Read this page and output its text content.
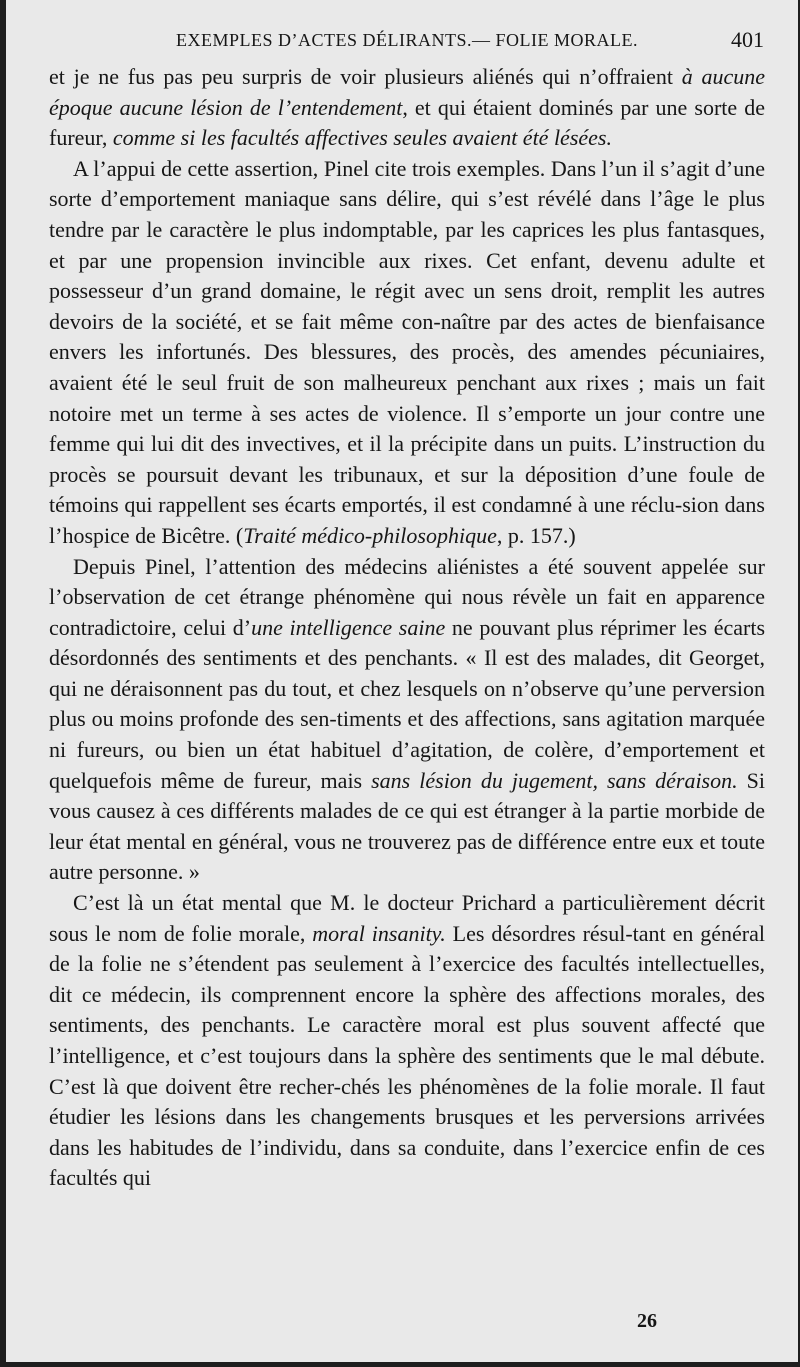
EXEMPLES D’ACTES DÉLIRANTS.— FOLIE MORALE.	401

et je ne fus pas peu surpris de voir plusieurs aliénés qui n’offraient à aucune époque aucune lésion de l’entendement, et qui étaient dominés par une sorte de fureur, comme si les facultés affectives seules avaient été lésées.

A l’appui de cette assertion, Pinel cite trois exemples. Dans l’un il s’agit d’une sorte d’emportement maniaque sans délire, qui s’est révélé dans l’âge le plus tendre par le caractère le plus indomptable, par les caprices les plus fantasques, et par une propension invincible aux rixes. Cet enfant, devenu adulte et possesseur d’un grand domaine, le régit avec un sens droit, remplit les autres devoirs de la société, et se fait même con-naître par des actes de bienfaisance envers les infortunés. Des blessures, des procès, des amendes pécuniaires, avaient été le seul fruit de son malheureux penchant aux rixes ; mais un fait notoire met un terme à ses actes de violence. Il s’emporte un jour contre une femme qui lui dit des invectives, et il la précipite dans un puits. L’instruction du procès se poursuit devant les tribunaux, et sur la déposition d’une foule de témoins qui rappellent ses écarts emportés, il est condamné à une réclu-sion dans l’hospice de Bicêtre. (Traité médico-philosophique, p. 157.)

Depuis Pinel, l’attention des médecins aliénistes a été souvent appelée sur l’observation de cet étrange phénomène qui nous révèle un fait en apparence contradictoire, celui d’une intelligence saine ne pouvant plus réprimer les écarts désordonnés des sentiments et des penchants. « Il est des malades, dit Georget, qui ne déraisonnent pas du tout, et chez lesquels on n’observe qu’une perversion plus ou moins profonde des sen-timents et des affections, sans agitation marquée ni fureurs, ou bien un état habituel d’agitation, de colère, d’emportement et quelquefois même de fureur, mais sans lésion du jugement, sans déraison. Si vous causez à ces différents malades de ce qui est étranger à la partie morbide de leur état mental en général, vous ne trouverez pas de différence entre eux et toute autre personne. »

C’est là un état mental que M. le docteur Prichard a particulièrement décrit sous le nom de folie morale, moral insanity. Les désordres résul-tant en général de la folie ne s’étendent pas seulement à l’exercice des facultés intellectuelles, dit ce médecin, ils comprennent encore la sphère des affections morales, des sentiments, des penchants. Le caractère moral est plus souvent affecté que l’intelligence, et c’est toujours dans la sphère des sentiments que le mal débute. C’est là que doivent être recher-chés les phénomènes de la folie morale. Il faut étudier les lésions dans les changements brusques et les perversions arrivées dans les habitudes de l’individu, dans sa conduite, dans l’exercice enfin de ces facultés qui

26
